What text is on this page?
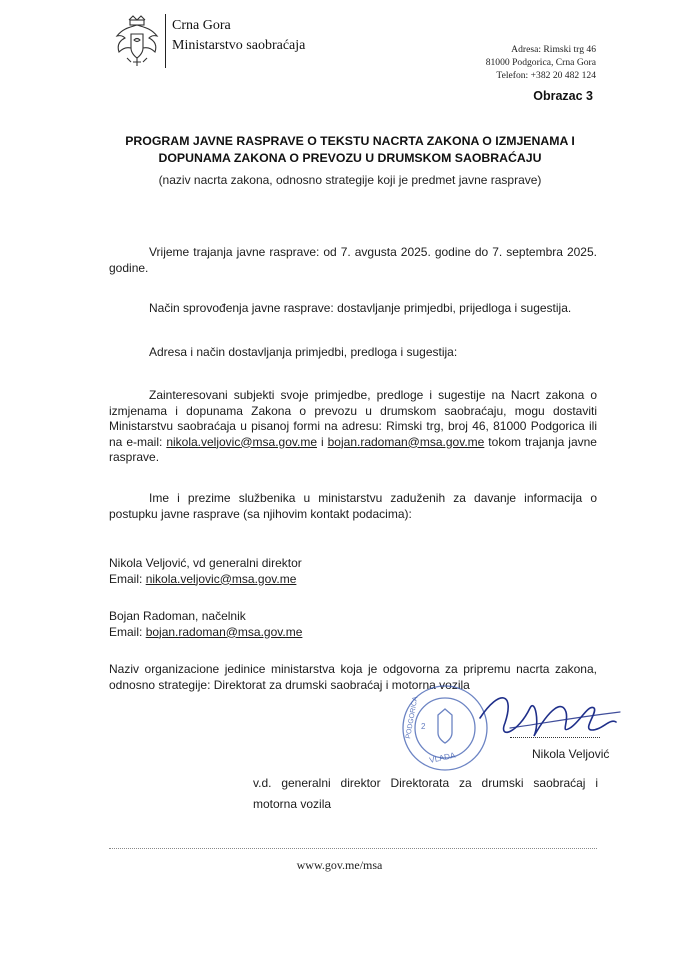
Crna Gora
Ministarstvo saobraćaja	Adresa: Rimski trg 46
81000 Podgorica, Crna Gora
Telefon: +382 20 482 124
Obrazac 3
PROGRAM JAVNE RASPRAVE O TEKSTU NACRTA ZAKONA O IZMJENAMA I
DOPUNAMA ZAKONA O PREVOZU U DRUMSKOM SAOBRAĆAJU
(naziv nacrta zakona, odnosno strategije koji je predmet javne rasprave)
Vrijeme trajanja javne rasprave: od 7. avgusta 2025. godine do 7. septembra 2025. godine.
Način sprovođenja javne rasprave: dostavljanje primjedbi, prijedloga i sugestija.
Adresa i način dostavljanja primjedbi, predloga i sugestija:
Zainteresovani subjekti svoje primjedbe, predloge i sugestije na Nacrt zakona o izmjenama i dopunama Zakona o prevozu u drumskom saobraćaju, mogu dostaviti Ministarstvu saobraćaja u pisanoj formi na adresu: Rimski trg, broj 46, 81000 Podgorica ili na e-mail: nikola.veljovic@msa.gov.me i bojan.radoman@msa.gov.me tokom trajanja javne rasprave.
Ime i prezime službenika u ministarstvu zaduženih za davanje informacija o postupku javne rasprave (sa njihovim kontakt podacima):
Nikola Veljović, vd generalni direktor
Email: nikola.veljovic@msa.gov.me
Bojan Radoman, načelnik
Email: bojan.radoman@msa.gov.me
Naziv organizacione jedinice ministarstva koja je odgovorna za pripremu nacrta zakona, odnosno strategije: Direktorat za drumski saobraćaj i motorna vozila
PODGORICA
VLADA
2
Nikola Veljović
v.d. generalni direktor Direktorata za drumski saobraćaj i motorna vozila
www.gov.me/msa
